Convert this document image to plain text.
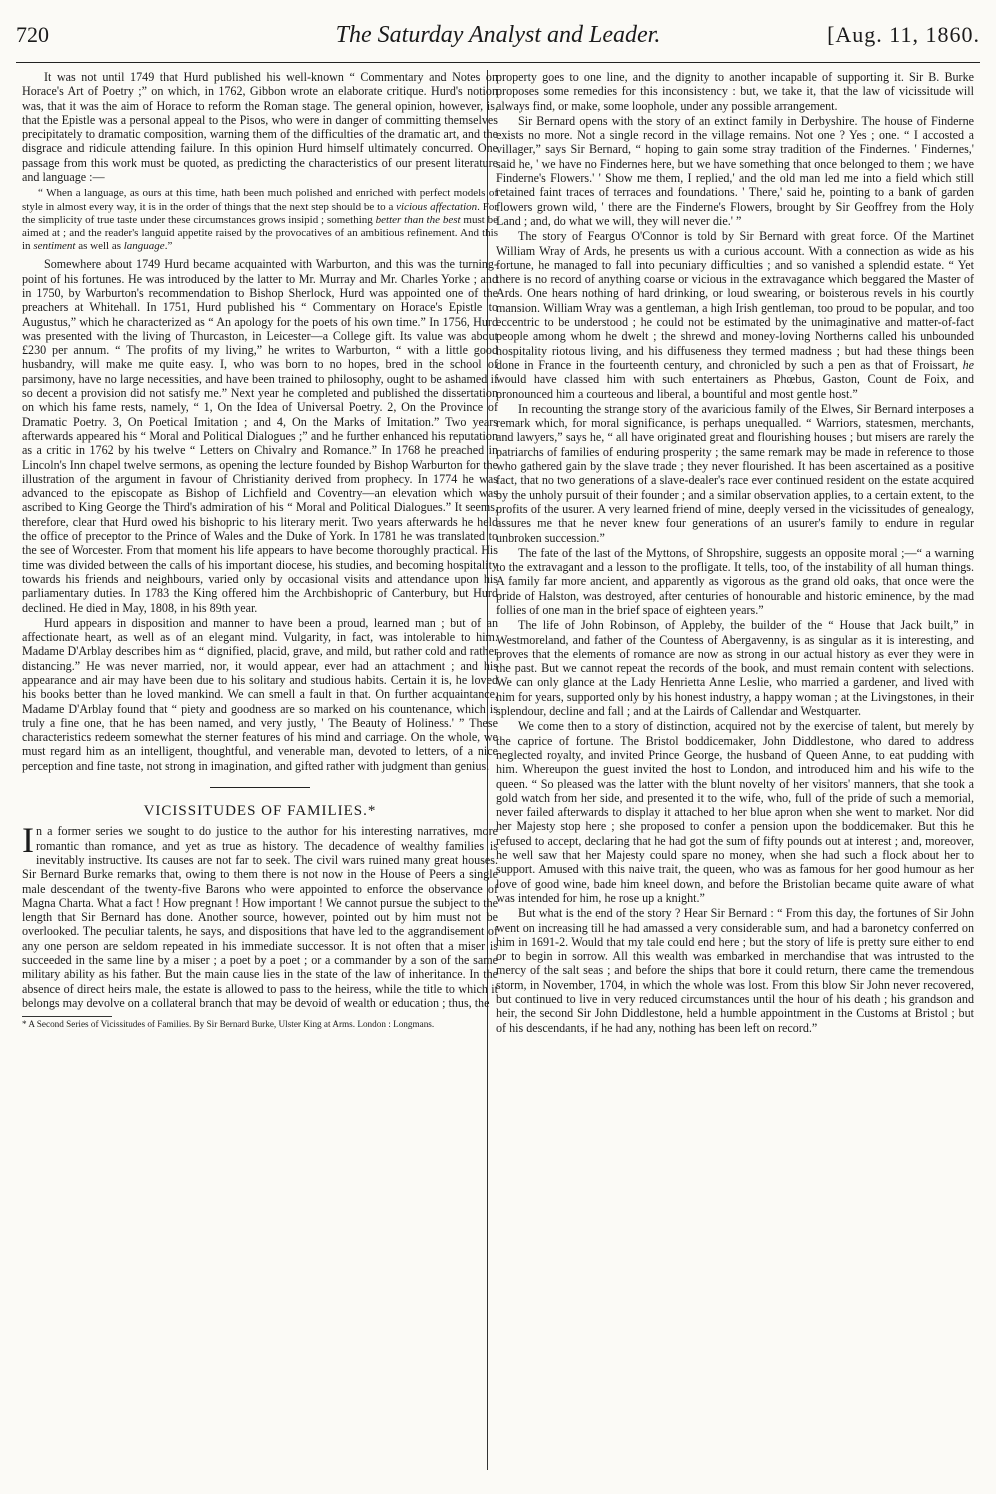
720	The Saturday Analyst and Leader.	[Aug. 11, 1860.

It was not until 1749 that Hurd published his well-known “ Commentary and Notes on Horace's Art of Poetry ;” on which, in 1762, Gibbon wrote an elaborate critique. Hurd's notion was, that it was the aim of Horace to reform the Roman stage. The general opinion, however, is, that the Epistle was a personal appeal to the Pisos, who were in danger of committing themselves precipitately to dramatic composition, warning them of the difficulties of the dramatic art, and the disgrace and ridicule attending failure. In this opinion Hurd himself ultimately concurred. One passage from this work must be quoted, as predicting the characteristics of our present literature and language :—

“ When a language, as ours at this time, hath been much polished and enriched with perfect models of style in almost every way, it is in the order of things that the next step should be to a vicious affectation. For the simplicity of true taste under these circumstances grows insipid ; something better than the best must be aimed at ; and the reader's languid appetite raised by the provocatives of an ambitious refinement. And this in sentiment as well as language.”

Somewhere about 1749 Hurd became acquainted with Warburton, and this was the turning-point of his fortunes. He was introduced by the latter to Mr. Murray and Mr. Charles Yorke ; and in 1750, by Warburton's recommendation to Bishop Sherlock, Hurd was appointed one of the preachers at Whitehall. In 1751, Hurd published his “ Commentary on Horace's Epistle to Augustus,” which he characterized as “ An apology for the poets of his own time.” In 1756, Hurd was presented with the living of Thurcaston, in Leicester—a College gift. Its value was about £230 per annum. “ The profits of my living,” he writes to Warburton, “ with a little good husbandry, will make me quite easy. I, who was born to no hopes, bred in the school of parsimony, have no large necessities, and have been trained to philosophy, ought to be ashamed if so decent a provision did not satisfy me.” Next year he completed and published the dissertation on which his fame rests, namely, “ 1, On the Idea of Universal Poetry. 2, On the Province of Dramatic Poetry. 3, On Poetical Imitation ; and 4, On the Marks of Imitation.” Two years afterwards appeared his “ Moral and Political Dialogues ;” and he further enhanced his reputation as a critic in 1762 by his twelve “ Letters on Chivalry and Romance.” In 1768 he preached in Lincoln's Inn chapel twelve sermons, as opening the lecture founded by Bishop Warburton for the illustration of the argument in favour of Christianity derived from prophecy. In 1774 he was advanced to the episcopate as Bishop of Lichfield and Coventry—an elevation which was ascribed to King George the Third's admiration of his “ Moral and Political Dialogues.” It seems, therefore, clear that Hurd owed his bishopric to his literary merit. Two years afterwards he held the office of preceptor to the Prince of Wales and the Duke of York. In 1781 he was translated to the see of Worcester. From that moment his life appears to have become thoroughly practical. His time was divided between the calls of his important diocese, his studies, and becoming hospitality towards his friends and neighbours, varied only by occasional visits and attendance upon his parliamentary duties. In 1783 the King offered him the Archbishopric of Canterbury, but Hurd declined. He died in May, 1808, in his 89th year.

Hurd appears in disposition and manner to have been a proud, learned man ; but of an affectionate heart, as well as of an elegant mind. Vulgarity, in fact, was intolerable to him. Madame D'Arblay describes him as “ dignified, placid, grave, and mild, but rather cold and rather distancing.” He was never married, nor, it would appear, ever had an attachment ; and his appearance and air may have been due to his solitary and studious habits. Certain it is, he loved his books better than he loved mankind. We can smell a fault in that. On further acquaintance, Madame D'Arblay found that “ piety and goodness are so marked on his countenance, which is truly a fine one, that he has been named, and very justly, ' The Beauty of Holiness.' ” These characteristics redeem somewhat the sterner features of his mind and carriage. On the whole, we must regard him as an intelligent, thoughtful, and venerable man, devoted to letters, of a nice perception and fine taste, not strong in imagination, and gifted rather with judgment than genius.

VICISSITUDES OF FAMILIES.*

In a former series we sought to do justice to the author for his interesting narratives, more romantic than romance, and yet as true as history. The decadence of wealthy families is inevitably instructive. Its causes are not far to seek. The civil wars ruined many great houses. Sir Bernard Burke remarks that, owing to them there is not now in the House of Peers a single male descendant of the twenty-five Barons who were appointed to enforce the observance of Magna Charta. What a fact ! How pregnant ! How important ! We cannot pursue the subject to the length that Sir Bernard has done. Another source, however, pointed out by him must not be overlooked. The peculiar talents, he says, and dispositions that have led to the aggrandisement of any one person are seldom repeated in his immediate successor. It is not often that a miser is succeeded in the same line by a miser ; a poet by a poet ; or a commander by a son of the same military ability as his father. But the main cause lies in the state of the law of inheritance. In the absence of direct heirs male, the estate is allowed to pass to the heiress, while the title to which it belongs may devolve on a collateral branch that may be devoid of wealth or education ; thus, the

* A Second Series of Vicissitudes of Families. By Sir Bernard Burke, Ulster King at Arms. London : Longmans.

property goes to one line, and the dignity to another incapable of supporting it. Sir B. Burke proposes some remedies for this inconsistency : but, we take it, that the law of vicissitude will always find, or make, some loophole, under any possible arrangement.

Sir Bernard opens with the story of an extinct family in Derbyshire. The house of Finderne exists no more. Not a single record in the village remains. Not one ? Yes ; one. “ I accosted a villager,” says Sir Bernard, “ hoping to gain some stray tradition of the Findernes. ' Findernes,' said he, ' we have no Findernes here, but we have something that once belonged to them ; we have Finderne's Flowers.' ' Show me them, I replied,' and the old man led me into a field which still retained faint traces of terraces and foundations. ' There,' said he, pointing to a bank of garden flowers grown wild, ' there are the Finderne's Flowers, brought by Sir Geoffrey from the Holy Land ; and, do what we will, they will never die.' ”

The story of Feargus O'Connor is told by Sir Bernard with great force. Of the Martinet William Wray of Ards, he presents us with a curious account. With a connection as wide as his fortune, he managed to fall into pecuniary difficulties ; and so vanished a splendid estate. “ Yet there is no record of anything coarse or vicious in the extravagance which beggared the Master of Ards. One hears nothing of hard drinking, or loud swearing, or boisterous revels in his courtly mansion. William Wray was a gentleman, a high Irish gentleman, too proud to be popular, and too eccentric to be understood ; he could not be estimated by the unimaginative and matter-of-fact people among whom he dwelt ; the shrewd and money-loving Northerns called his unbounded hospitality riotous living, and his diffuseness they termed madness ; but had these things been done in France in the fourteenth century, and chronicled by such a pen as that of Froissart, he would have classed him with such entertainers as Phœbus, Gaston, Count de Foix, and pronounced him a courteous and liberal, a bountiful and most gentle host.”

In recounting the strange story of the avaricious family of the Elwes, Sir Bernard interposes a remark which, for moral significance, is perhaps unequalled. “ Warriors, statesmen, merchants, and lawyers,” says he, “ all have originated great and flourishing houses ; but misers are rarely the patriarchs of families of enduring prosperity ; the same remark may be made in reference to those who gathered gain by the slave trade ; they never flourished. It has been ascertained as a positive fact, that no two generations of a slave-dealer's race ever continued resident on the estate acquired by the unholy pursuit of their founder ; and a similar observation applies, to a certain extent, to the profits of the usurer. A very learned friend of mine, deeply versed in the vicissitudes of genealogy, assures me that he never knew four generations of an usurer's family to endure in regular unbroken succession.”

The fate of the last of the Myttons, of Shropshire, suggests an opposite moral ;—“ a warning to the extravagant and a lesson to the profligate. It tells, too, of the instability of all human things. A family far more ancient, and apparently as vigorous as the grand old oaks, that once were the pride of Halston, was destroyed, after centuries of honourable and historic eminence, by the mad follies of one man in the brief space of eighteen years.”

The life of John Robinson, of Appleby, the builder of the “ House that Jack built,” in Westmoreland, and father of the Countess of Abergavenny, is as singular as it is interesting, and proves that the elements of romance are now as strong in our actual history as ever they were in the past. But we cannot repeat the records of the book, and must remain content with selections. We can only glance at the Lady Henrietta Anne Leslie, who married a gardener, and lived with him for years, supported only by his honest industry, a happy woman ; at the Livingstones, in their splendour, decline and fall ; and at the Lairds of Callendar and Westquarter.

We come then to a story of distinction, acquired not by the exercise of talent, but merely by the caprice of fortune. The Bristol boddicemaker, John Diddlestone, who dared to address neglected royalty, and invited Prince George, the husband of Queen Anne, to eat pudding with him. Whereupon the guest invited the host to London, and introduced him and his wife to the queen. “ So pleased was the latter with the blunt novelty of her visitors' manners, that she took a gold watch from her side, and presented it to the wife, who, full of the pride of such a memorial, never failed afterwards to display it attached to her blue apron when she went to market. Nor did her Majesty stop here ; she proposed to confer a pension upon the boddicemaker. But this he refused to accept, declaring that he had got the sum of fifty pounds out at interest ; and, moreover, he well saw that her Majesty could spare no money, when she had such a flock about her to support. Amused with this naive trait, the queen, who was as famous for her good humour as her love of good wine, bade him kneel down, and before the Bristolian became quite aware of what was intended for him, he rose up a knight.”

But what is the end of the story ? Hear Sir Bernard : “ From this day, the fortunes of Sir John went on increasing till he had amassed a very considerable sum, and had a baronetcy conferred on him in 1691-2. Would that my tale could end here ; but the story of life is pretty sure either to end or to begin in sorrow. All this wealth was embarked in merchandise that was intrusted to the mercy of the salt seas ; and before the ships that bore it could return, there came the tremendous storm, in November, 1704, in which the whole was lost. From this blow Sir John never recovered, but continued to live in very reduced circumstances until the hour of his death ; his grandson and heir, the second Sir John Diddlestone, held a humble appointment in the Customs at Bristol ; but of his descendants, if he had any, nothing has been left on record.”
